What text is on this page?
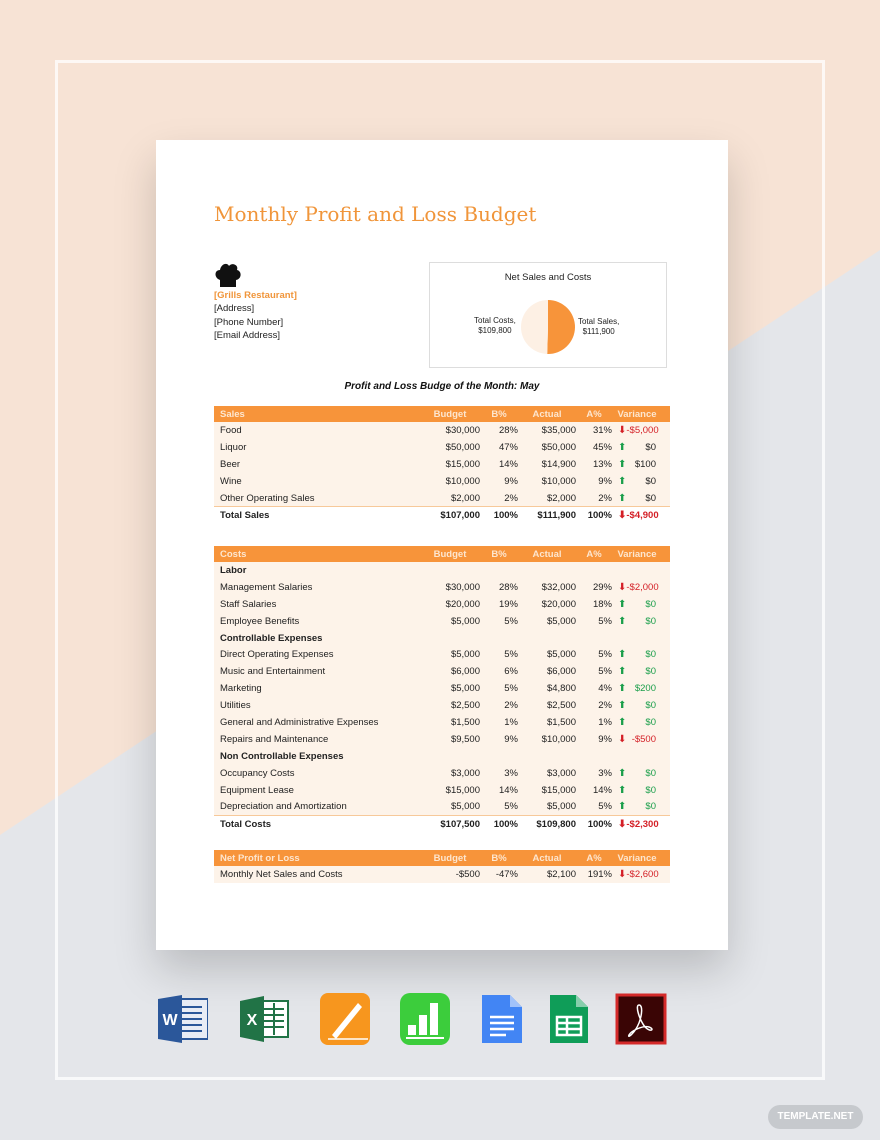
Monthly Profit and Loss Budget
[Grills Restaurant]
[Address]
[Phone Number]
[Email Address]
Net Sales and Costs
Total Costs,
$109,800
Total Sales,
$111,900
Profit and Loss Budge of the Month: May
Sales	Budget	B%	Actual	A%	Variance
Food	$30,000	28%	$35,000	31% ⬇ -$5,000
Liquor	$50,000	47%	$50,000	45% ⬆ $0
Beer	$15,000	14%	$14,900	13% ⬆ $100
Wine	$10,000	9%	$10,000	9% ⬆ $0
Other Operating Sales	$2,000	2%	$2,000	2% ⬆ $0
Total Sales	$107,000	100%	$111,900	100% ⬇ -$4,900
Costs	Budget	B%	Actual	A%	Variance
Labor
Management Salaries	$30,000	28%	$32,000	29% ⬇ -$2,000
Staff Salaries	$20,000	19%	$20,000	18% ⬆ $0
Employee Benefits	$5,000	5%	$5,000	5% ⬆ $0
Controllable Expenses
Direct Operating Expenses	$5,000	5%	$5,000	5% ⬆ $0
Music and Entertainment	$6,000	6%	$6,000	5% ⬆ $0
Marketing	$5,000	5%	$4,800	4% ⬆ $200
Utilities	$2,500	2%	$2,500	2% ⬆ $0
General and Administrative Expenses	$1,500	1%	$1,500	1% ⬆ $0
Repairs and Maintenance	$9,500	9%	$10,000	9% ⬇ -$500
Non Controllable Expenses
Occupancy Costs	$3,000	3%	$3,000	3% ⬆ $0
Equipment Lease	$15,000	14%	$15,000	14% ⬆ $0
Depreciation and Amortization	$5,000	5%	$5,000	5% ⬆ $0
Total Costs	$107,500	100%	$109,800	100% ⬇ -$2,300
Net Profit or Loss	Budget	B%	Actual	A%	Variance
Monthly Net Sales and Costs	-$500	-47%	$2,100	191% ⬇ -$2,600
W	X
TEMPLATE.NET
